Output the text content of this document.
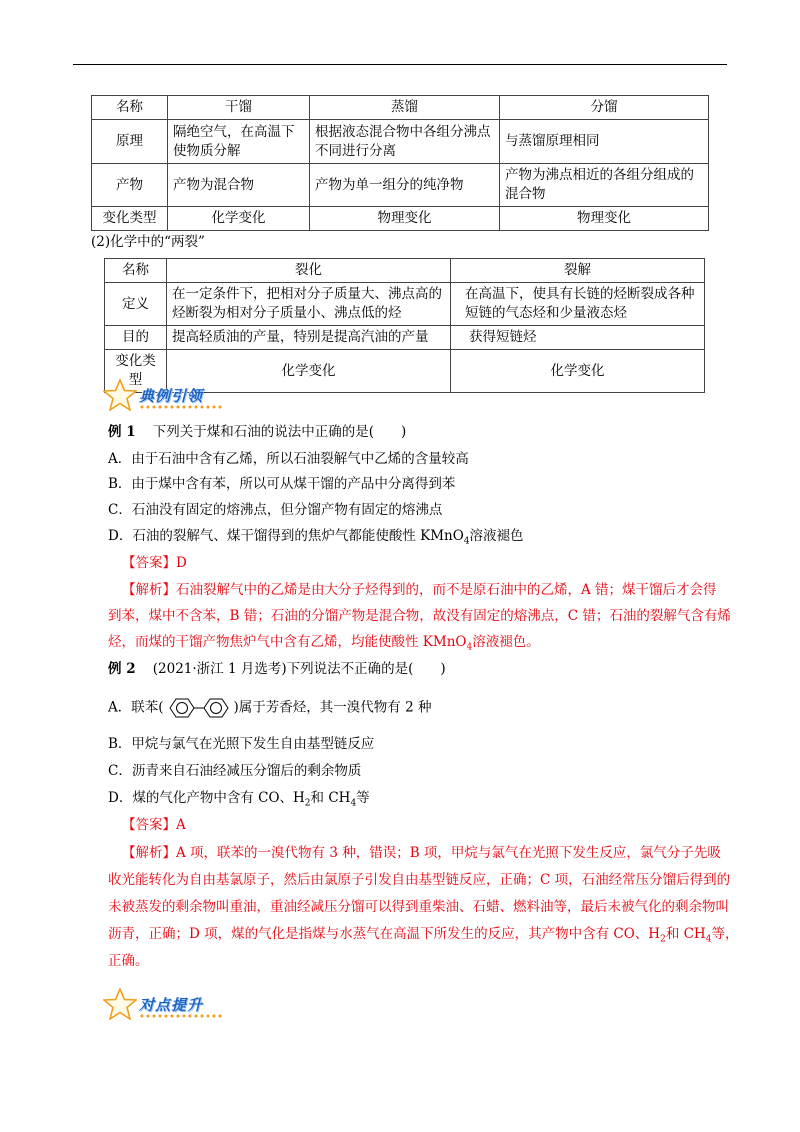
名称	干馏	蒸馏	分馏
原理	隔绝空气，在高温下使物质分解	根据液态混合物中各组分沸点不同进行分离	与蒸馏原理相同
产物	产物为混合物	产物为单一组分的纯净物	产物为沸点相近的各组分组成的混合物
变化类型	化学变化	物理变化	物理变化
(2)化学中的“两裂”
名称	裂化	裂解
定义	在一定条件下，把相对分子质量大、沸点高的烃断裂为相对分子质量小、沸点低的烃	在高温下，使具有长链的烃断裂成各种短链的气态烃和少量液态烃
目的	提高轻质油的产量，特别是提高汽油的产量	获得短链烃
变化类型	化学变化	化学变化
典例引领
例 1 下列关于煤和石油的说法中正确的是(　　)
A．由于石油中含有乙烯，所以石油裂解气中乙烯的含量较高
B．由于煤中含有苯，所以可从煤干馏的产品中分离得到苯
C．石油没有固定的熔沸点，但分馏产物有固定的熔沸点
D．石油的裂解气、煤干馏得到的焦炉气都能使酸性 KMnO$_4$溶液褪色
【答案】D
【解析】石油裂解气中的乙烯是由大分子烃得到的，而不是原石油中的乙烯，A 错；煤干馏后才会得
到苯，煤中不含苯，B 错；石油的分馏产物是混合物，故没有固定的熔沸点，C 错；石油的裂解气含有烯
烃，而煤的干馏产物焦炉气中含有乙烯，均能使酸性 KMnO$_4$溶液褪色。
例 2 (2021·浙江 1 月选考)下列说法不正确的是(　　)
A．联苯(	)属于芳香烃，其一溴代物有 2 种
B．甲烷与氯气在光照下发生自由基型链反应
C．沥青来自石油经减压分馏后的剩余物质
D．煤的气化产物中含有 CO、$H_2$和 $CH_4$等
【答案】A
【解析】A 项，联苯的一溴代物有 3 种，错误；B 项，甲烷与氯气在光照下发生反应，氯气分子先吸
收光能转化为自由基氯原子，然后由氯原子引发自由基型链反应，正确；C 项，石油经常压分馏后得到的
未被蒸发的剩余物叫重油，重油经减压分馏可以得到重柴油、石蜡、燃料油等，最后未被气化的剩余物叫
沥青，正确；D 项，煤的气化是指煤与水蒸气在高温下所发生的反应，其产物中含有 CO、$H_2$和 $CH_4$等，
正确。
对点提升
